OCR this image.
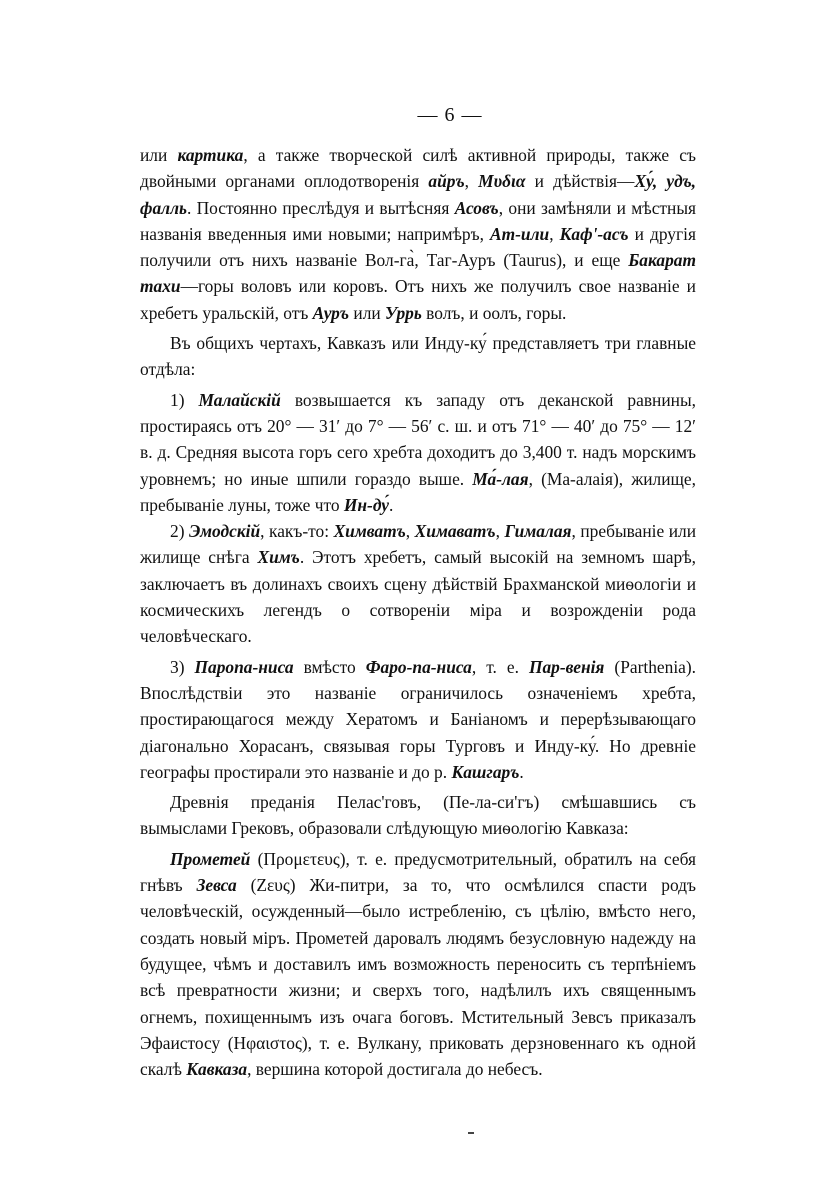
— 6 —

или картика, а также творческой силѣ активной природы, также съ двойными органами оплодотворенія айръ, Мυδια и дѣйствія—Ху́, удъ, фалль. Постоянно преслѣдуя и вытѣсняя Асовъ, они замѣняли и мѣстныя названія введенныя ими новыми; напримѣръ, Ат-или, Каф'-асъ и другія получили отъ нихъ названіе Вол-га̀, Таг-Ауръ (Taurus), и еще Бакарат тахи—горы воловъ или коровъ. Отъ нихъ же получилъ свое названіе и хребетъ уральскій, отъ Ауръ или Уррь волъ, и оолъ, горы.

Въ общихъ чертахъ, Кавказъ или Инду-ку́ представляетъ три главные отдѣла:

1) Малайскій возвышается къ западу отъ деканской равнины, простираясь отъ 20° — 31′ до 7° — 56′ с. ш. и отъ 71° — 40′ до 75° — 12′ в. д. Средняя высота горъ сего хребта доходитъ до 3,400 т. надъ морскимъ уровнемъ; но иные шпили гораздо выше. Ма́-лая, (Ма-алаія), жилище, пребываніе луны, тоже что Ин-ду́.

2) Эмодскій, какъ-то: Химватъ, Химаватъ, Гималая, пребываніе или жилище снѣга Химъ. Этотъ хребетъ, самый высокій на земномъ шарѣ, заключаетъ въ долинахъ своихъ сцену дѣйствій Брахманской миѳологіи и космическихъ легендъ о сотвореніи міра и возрожденіи рода человѣческаго.

3) Паропа-ниса вмѣсто Фаро-па-ниса, т. е. Пар-венія (Parthenia). Впослѣдствіи это названіе ограничилось означеніемъ хребта, простирающагося между Хератомъ и Баніаномъ и перерѣзывающаго діагонально Хорасанъ, связывая горы Турговъ и Инду-ку́. Но древніе географы простирали это названіе и до р. Кашгаръ.

Древнія преданія Пелас'говъ, (Пе-ла-си'гъ) смѣшавшись съ вымыслами Грековъ, образовали слѣдующую миѳологію Кавказа:

Прометей (Προμετευς), т. е. предусмотрительный, обратилъ на себя гнѣвъ Зевса (Ζευς) Жи-питри, за то, что осмѣлился спасти родъ человѣческій, осужденный—было истребленію, съ цѣлію, вмѣсто него, создать новый міръ. Прометей даровалъ людямъ безусловную надежду на будущее, чѣмъ и доставилъ имъ возможность переносить съ терпѣніемъ всѣ превратности жизни; и сверхъ того, надѣлилъ ихъ священнымъ огнемъ, похищеннымъ изъ очага боговъ. Мстительный Зевсъ приказалъ Эфаистосу (Ηφαιστος), т. е. Вулкану, приковать дерзновеннаго къ одной скалѣ Кавказа, вершина которой достигала до небесъ.
